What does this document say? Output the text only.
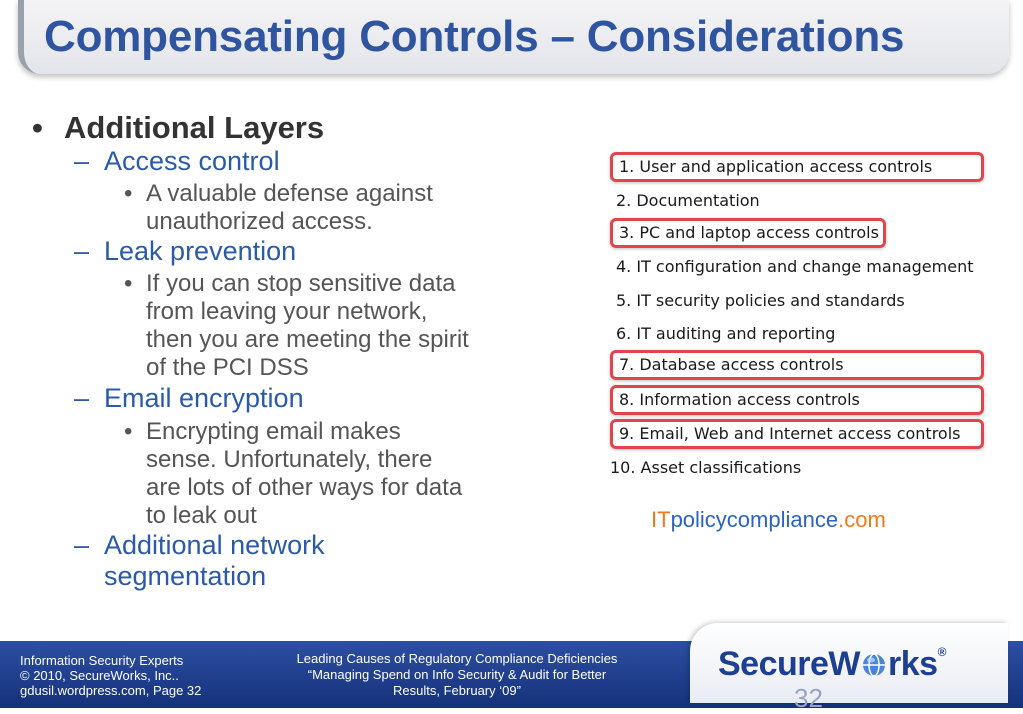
Compensating Controls – Considerations
• Additional Layers
– Access control
• A valuable defense against
unauthorized access.
– Leak prevention
• If you can stop sensitive data
from leaving your network,
then you are meeting the spirit
of the PCI DSS
– Email encryption
• Encrypting email makes
sense. Unfortunately, there
are lots of other ways for data
to leak out
– Additional network
segmentation
1. User and application access controls
2. Documentation
3. PC and laptop access controls
4. IT configuration and change management
5. IT security policies and standards
6. IT auditing and reporting
7. Database access controls
8. Information access controls
9. Email, Web and Internet access controls
10. Asset classifications
ITpolicycompliance.com
Information Security Experts
© 2010, SecureWorks, Inc..
gdusil.wordpress.com, Page 32
Leading Causes of Regulatory Compliance Deficiencies
“Managing Spend on Info Security & Audit for Better
Results, February ‘09”
SecureW rks®
32
